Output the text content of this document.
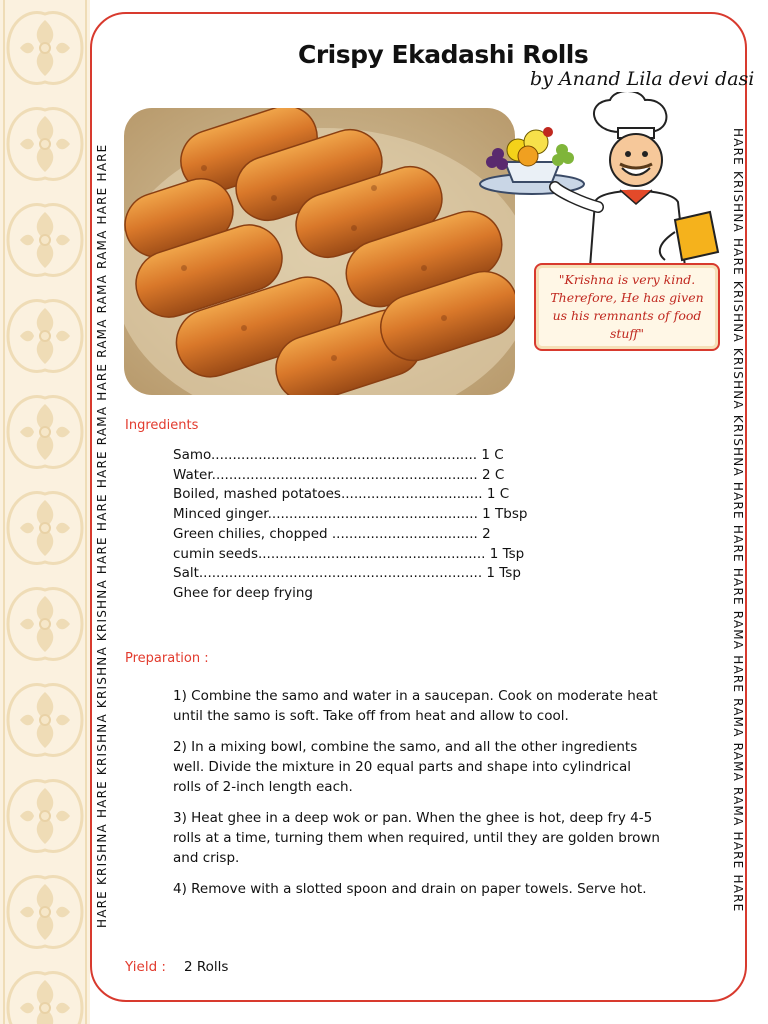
HARE KRISHNA HARE KRISHNA KRISHNA KRISHNA HARE HARE HARE RAMA HARE RAMA RAMA RAMA HARE HARE	HARE KRISHNA HARE KRISHNA KRISHNA KRISHNA HARE HARE HARE RAMA HARE RAMA RAMA RAMA HARE HARE
Crispy Ekadashi Rolls
by Anand Lila devi dasi
"Krishna is very kind. Therefore, He has given us his remnants of food stuff"
Ingredients
Samo.............................................................. 1 C
Water.............................................................. 2 C
Boiled, mashed potatoes................................. 1 C
Minced ginger................................................. 1 Tbsp
Green chilies, chopped .................................. 2
cumin seeds..................................................... 1 Tsp
Salt.................................................................. 1 Tsp
Ghee for deep frying
Preparation :
1) Combine the samo and water in a saucepan. Cook on moderate heat until the samo is soft. Take off from heat and allow to cool.
2) In a mixing bowl, combine the samo, and all the other ingredients well. Divide the mixture in 20 equal parts and shape into cylindrical rolls of 2-inch length each.
3) Heat ghee in a deep wok or pan. When the ghee is hot, deep fry 4-5 rolls at a time, turning them when required, until they are golden brown and crisp.
4) Remove with a slotted spoon and drain on paper towels. Serve hot.
Yield : 2 Rolls
